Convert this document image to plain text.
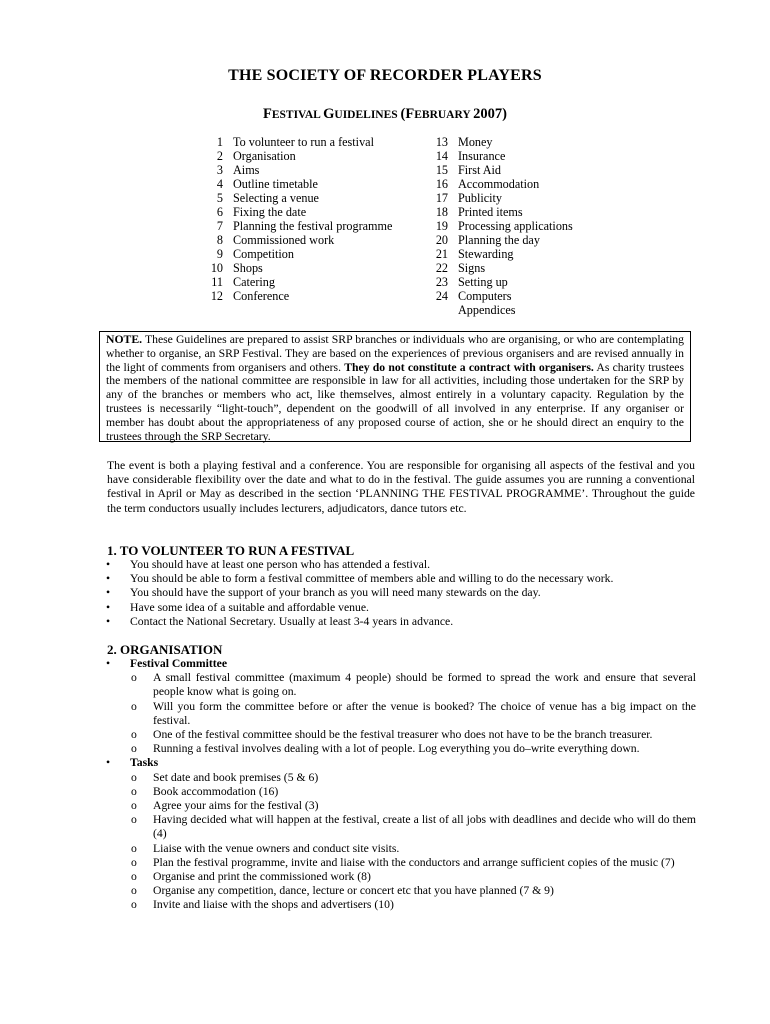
THE SOCIETY OF RECORDER PLAYERS
FESTIVAL GUIDELINES (FEBRUARY 2007)
1 To volunteer to run a festival
2 Organisation
3 Aims
4 Outline timetable
5 Selecting a venue
6 Fixing the date
7 Planning the festival programme
8 Commissioned work
9 Competition
10 Shops
11 Catering
12 Conference
13 Money
14 Insurance
15 First Aid
16 Accommodation
17 Publicity
18 Printed items
19 Processing applications
20 Planning the day
21 Stewarding
22 Signs
23 Setting up
24 Computers
Appendices
NOTE. These Guidelines are prepared to assist SRP branches or individuals who are organising, or who are contemplating whether to organise, an SRP Festival. They are based on the experiences of previous organisers and are revised annually in the light of comments from organisers and others. They do not constitute a contract with organisers. As charity trustees the members of the national committee are responsible in law for all activities, including those undertaken for the SRP by any of the branches or members who act, like themselves, almost entirely in a voluntary capacity. Regulation by the trustees is necessarily “light-touch”, dependent on the goodwill of all involved in any enterprise. If any organiser or member has doubt about the appropriateness of any proposed course of action, she or he should direct an enquiry to the trustees through the SRP Secretary.

The event is both a playing festival and a conference. You are responsible for organising all aspects of the festival and you have considerable flexibility over the date and what to do in the festival. The guide assumes you are running a conventional festival in April or May as described in the section ‘PLANNING THE FESTIVAL PROGRAMME’. Throughout the guide the term conductors usually includes lecturers, adjudicators, dance tutors etc.

1. TO VOLUNTEER TO RUN A FESTIVAL
•	You should have at least one person who has attended a festival.
•	You should be able to form a festival committee of members able and willing to do the necessary work.
•	You should have the support of your branch as you will need many stewards on the day.
•	Have some idea of a suitable and affordable venue.
•	Contact the National Secretary. Usually at least 3-4 years in advance.
2. ORGANISATION
•	Festival Committee
o A small festival committee (maximum 4 people) should be formed to spread the work and ensure that several people know what is going on.
o Will you form the committee before or after the venue is booked? The choice of venue has a big impact on the festival.
o One of the festival committee should be the festival treasurer who does not have to be the branch treasurer.
o Running a festival involves dealing with a lot of people. Log everything you do–write everything down.
•	Tasks
o Set date and book premises (5 & 6)
o Book accommodation (16)
o Agree your aims for the festival (3)
o Having decided what will happen at the festival, create a list of all jobs with deadlines and decide who will do them (4)
o Liaise with the venue owners and conduct site visits.
o Plan the festival programme, invite and liaise with the conductors and arrange sufficient copies of the music (7)
o Organise and print the commissioned work (8)
o Organise any competition, dance, lecture or concert etc that you have planned (7 & 9)
o Invite and liaise with the shops and advertisers (10)
